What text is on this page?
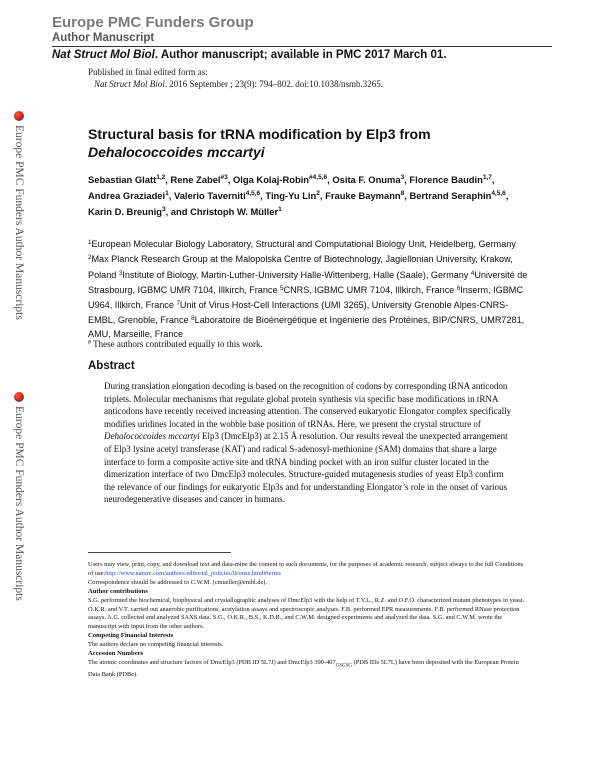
Europe PMC Funders Group
Author Manuscript
Nat Struct Mol Biol. Author manuscript; available in PMC 2017 March 01.
Published in final edited form as:
Nat Struct Mol Biol. 2016 September ; 23(9): 794–802. doi:10.1038/nsmb.3265.
Europe PMC Funders Author Manuscripts
Europe PMC Funders Author Manuscripts
Structural basis for tRNA modification by Elp3 from
Dehalococcoides mccartyi
Sebastian Glatt$^{1,2}$, Rene Zabel$^{\#3}$, Olga Kolaj-Robin$^{\#4,5,6}$, Osita F. Onuma$^3$, Florence Baudin$^{1,7}$, Andrea Graziadei$^1$, Valerio Taverniti$^{4,5,6}$, Ting-Yu Lin$^2$, Frauke Baymann$^8$, Bertrand Seraphin$^{4,5,6}$, Karin D. Breunig$^3$, and Christoph W. Müller$^1$
$^1$European Molecular Biology Laboratory, Structural and Computational Biology Unit, Heidelberg, Germany $^2$Max Planck Research Group at the Malopolska Centre of Biotechnology, Jagiellonian University, Krakow, Poland $^3$Institute of Biology, Martin-Luther-University Halle-Wittenberg, Halle (Saale), Germany $^4$Université de Strasbourg, IGBMC UMR 7104, Illkirch, France $^5$CNRS, IGBMC UMR 7104, Illkirch, France $^6$Inserm, IGBMC U964, Illkirch, France $^7$Unit of Virus Host-Cell Interactions (UMI 3265), University Grenoble Alpes-CNRS-EMBL, Grenoble, France $^8$Laboratoire de Bioénergétique et Ingénierie des Protéines, BIP/CNRS, UMR7281, AMU, Marseille, France
# These authors contributed equally to this work.
Abstract
During translation elongation decoding is based on the recognition of codons by corresponding tRNA anticodon triplets. Molecular mechanisms that regulate global protein synthesis via specific base modifications in tRNA anticodons have recently received increasing attention. The conserved eukaryotic Elongator complex specifically modifies uridines located in the wobble base position of tRNAs. Here, we present the crystal structure of Dehalococcoides mccartyi Elp3 (DmcElp3) at 2.15 Å resolution. Our results reveal the unexpected arrangement of Elp3 lysine acetyl transferase (KAT) and radical S-adenosyl-methionine (SAM) domains that share a large interface to form a composite active site and tRNA binding pocket with an iron sulfur cluster located in the dimerization interface of two DmcElp3 molecules. Structure-guided mutagenesis studies of yeast Elp3 confirm the relevance of our findings for eukaryotic Elp3s and for understanding Elongator’s role in the onset of various neurodegenerative diseases and cancer in humans.
Users may view, print, copy, and download text and data-mine the content in such documents, for the purposes of academic research, subject always to the full Conditions of use:http://www.nature.com/authors/editorial_policies/license.html#terms
Correspondence should be addressed to C.W.M. (cmueller@embl.de).
Author contributions
S.G. performed the biochemical, biophysical and crystallographic analyses of DmcElp3 with the help of T.Y.L., R.Z. and O.F.O. characterized mutant phenotypes in yeast. O.K.R. and V.T. carried out anaerobic purifications, acetylation assays and spectroscopic analyses. F.B. performed EPR measurements. F.B. performed RNase protection assays. A.G. collected and analyzed SAXS data. S.G., O.K.R., B.S., K.D.B., and C.W.M. designed experiments and analyzed the data. S.G. and C.W.M. wrote the manuscript with input from the other authors.
Competing Financial Interests
The authors declare no competing financial interests.
Accession Numbers
The atomic coordinates and structure factors of DmcElp3 (PDB ID 5L7J) and DmcElp3 $390-407_{GSGSG}$ (PDB IDs 5L7L) have been deposited with the European Protein Data Bank (PDBe).
